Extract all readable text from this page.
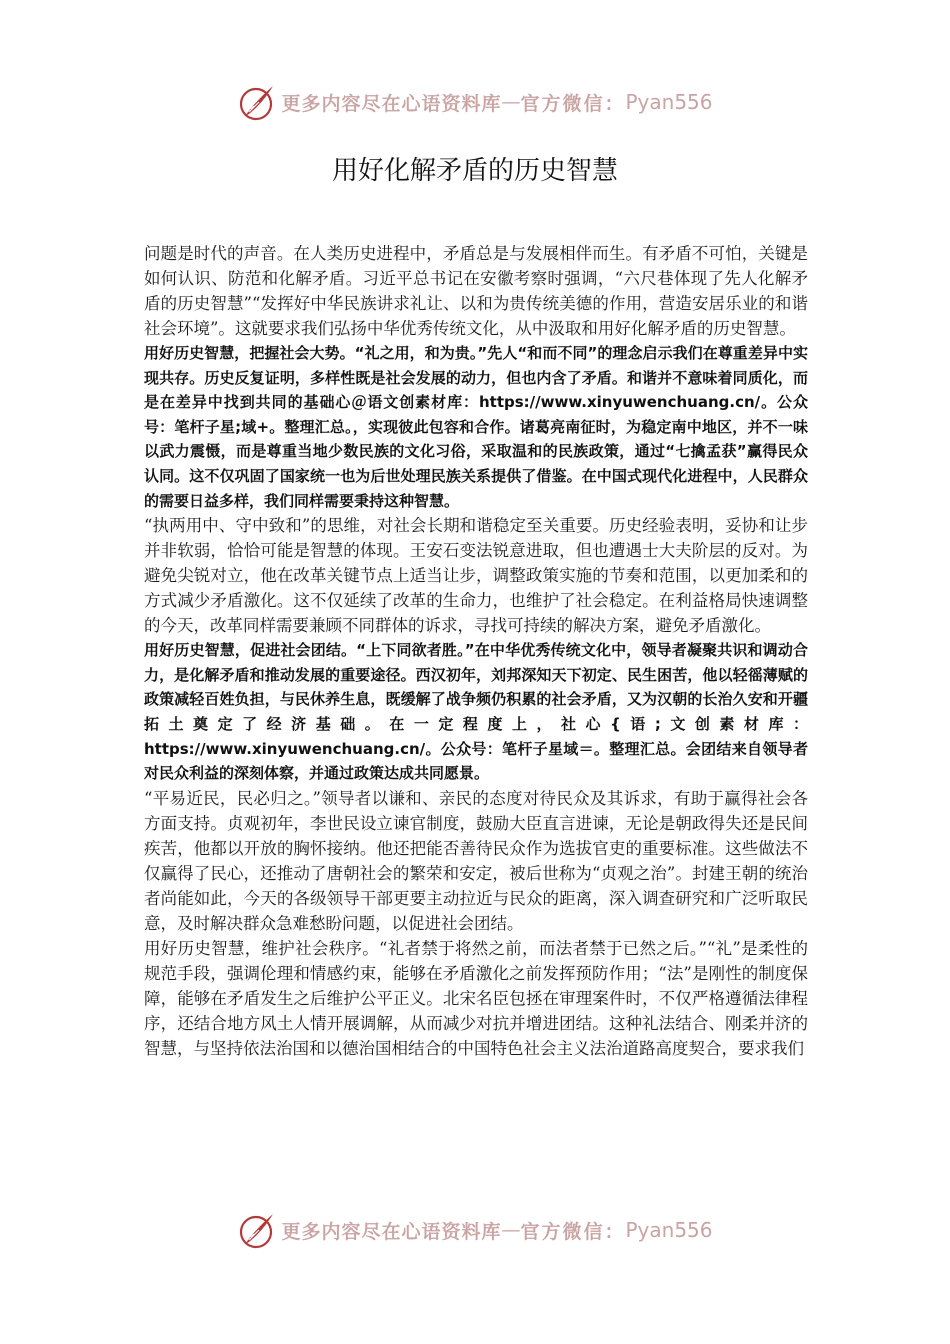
更多内容尽在心语资料库 — 官方微信： Pyan556
用好化解矛盾的历史智慧

问题是时代的声音。在人类历史进程中，矛盾总是与发展相伴而生。有矛盾不可怕，关键是如何认识、防范和化解矛盾。习近平总书记在安徽考察时强调，“六尺巷体现了先人化解矛盾的历史智慧”“发挥好中华民族讲求礼让、以和为贵传统美德的作用，营造安居乐业的和谐社会环境”。这就要求我们弘扬中华优秀传统文化，从中汲取和用好化解矛盾的历史智慧。

用好历史智慧，把握社会大势。“礼之用，和为贵。”先人“和而不同”的理念启示我们在尊重差异中实现共存。历史反复证明，多样性既是社会发展的动力，但也内含了矛盾。和谐并不意味着同质化，而是在差异中找到共同的基础心＠语文创素材库：https://www.xinyuwenchuang.cn/。公众号：笔杆子星;域+。整理汇总。，实现彼此包容和合作。诸葛亮南征时，为稳定南中地区，并不一味以武力震慑，而是尊重当地少数民族的文化习俗，采取温和的民族政策，通过“七擒孟获”赢得民众认同。这不仅巩固了国家统一也为后世处理民族关系提供了借鉴。在中国式现代化进程中，人民群众的需要日益多样，我们同样需要秉持这种智慧。

“执两用中、守中致和”的思维，对社会长期和谐稳定至关重要。历史经验表明，妥协和让步并非软弱，恰恰可能是智慧的体现。王安石变法锐意进取，但也遭遇士大夫阶层的反对。为避免尖锐对立，他在改革关键节点上适当让步，调整政策实施的节奏和范围，以更加柔和的方式减少矛盾激化。这不仅延续了改革的生命力，也维护了社会稳定。在利益格局快速调整的今天，改革同样需要兼顾不同群体的诉求，寻找可持续的解决方案，避免矛盾激化。

用好历史智慧，促进社会团结。“上下同欲者胜。”在中华优秀传统文化中，领导者凝聚共识和调动合力，是化解矛盾和推动发展的重要途径。西汉初年，刘邦深知天下初定、民生困苦，他以轻徭薄赋的政策减轻百姓负担，与民休养生息，既缓解了战争频仍积累的社会矛盾，又为汉朝的长治久安和开疆拓土奠定了经济基础。在一定程度上，社心{语;文创素材库：https://www.xinyuwenchuang.cn/。公众号：笔杆子星域＝。整理汇总。会团结来自领导者对民众利益的深刻体察，并通过政策达成共同愿景。

“平易近民，民必归之。”领导者以谦和、亲民的态度对待民众及其诉求，有助于赢得社会各方面支持。贞观初年，李世民设立谏官制度，鼓励大臣直言进谏，无论是朝政得失还是民间疾苦，他都以开放的胸怀接纳。他还把能否善待民众作为选拔官吏的重要标准。这些做法不仅赢得了民心，还推动了唐朝社会的繁荣和安定，被后世称为“贞观之治”。封建王朝的统治者尚能如此，今天的各级领导干部更要主动拉近与民众的距离，深入调查研究和广泛听取民意，及时解决群众急难愁盼问题，以促进社会团结。

用好历史智慧，维护社会秩序。“礼者禁于将然之前，而法者禁于已然之后。”“礼”是柔性的规范手段，强调伦理和情感约束，能够在矛盾激化之前发挥预防作用；“法”是刚性的制度保障，能够在矛盾发生之后维护公平正义。北宋名臣包拯在审理案件时，不仅严格遵循法律程序，还结合地方风土人情开展调解，从而减少对抗并增进团结。这种礼法结合、刚柔并济的智慧，与坚持依法治国和以德治国相结合的中国特色社会主义法治道路高度契合，要求我们

更多内容尽在心语资料库 — 官方微信： Pyan556
